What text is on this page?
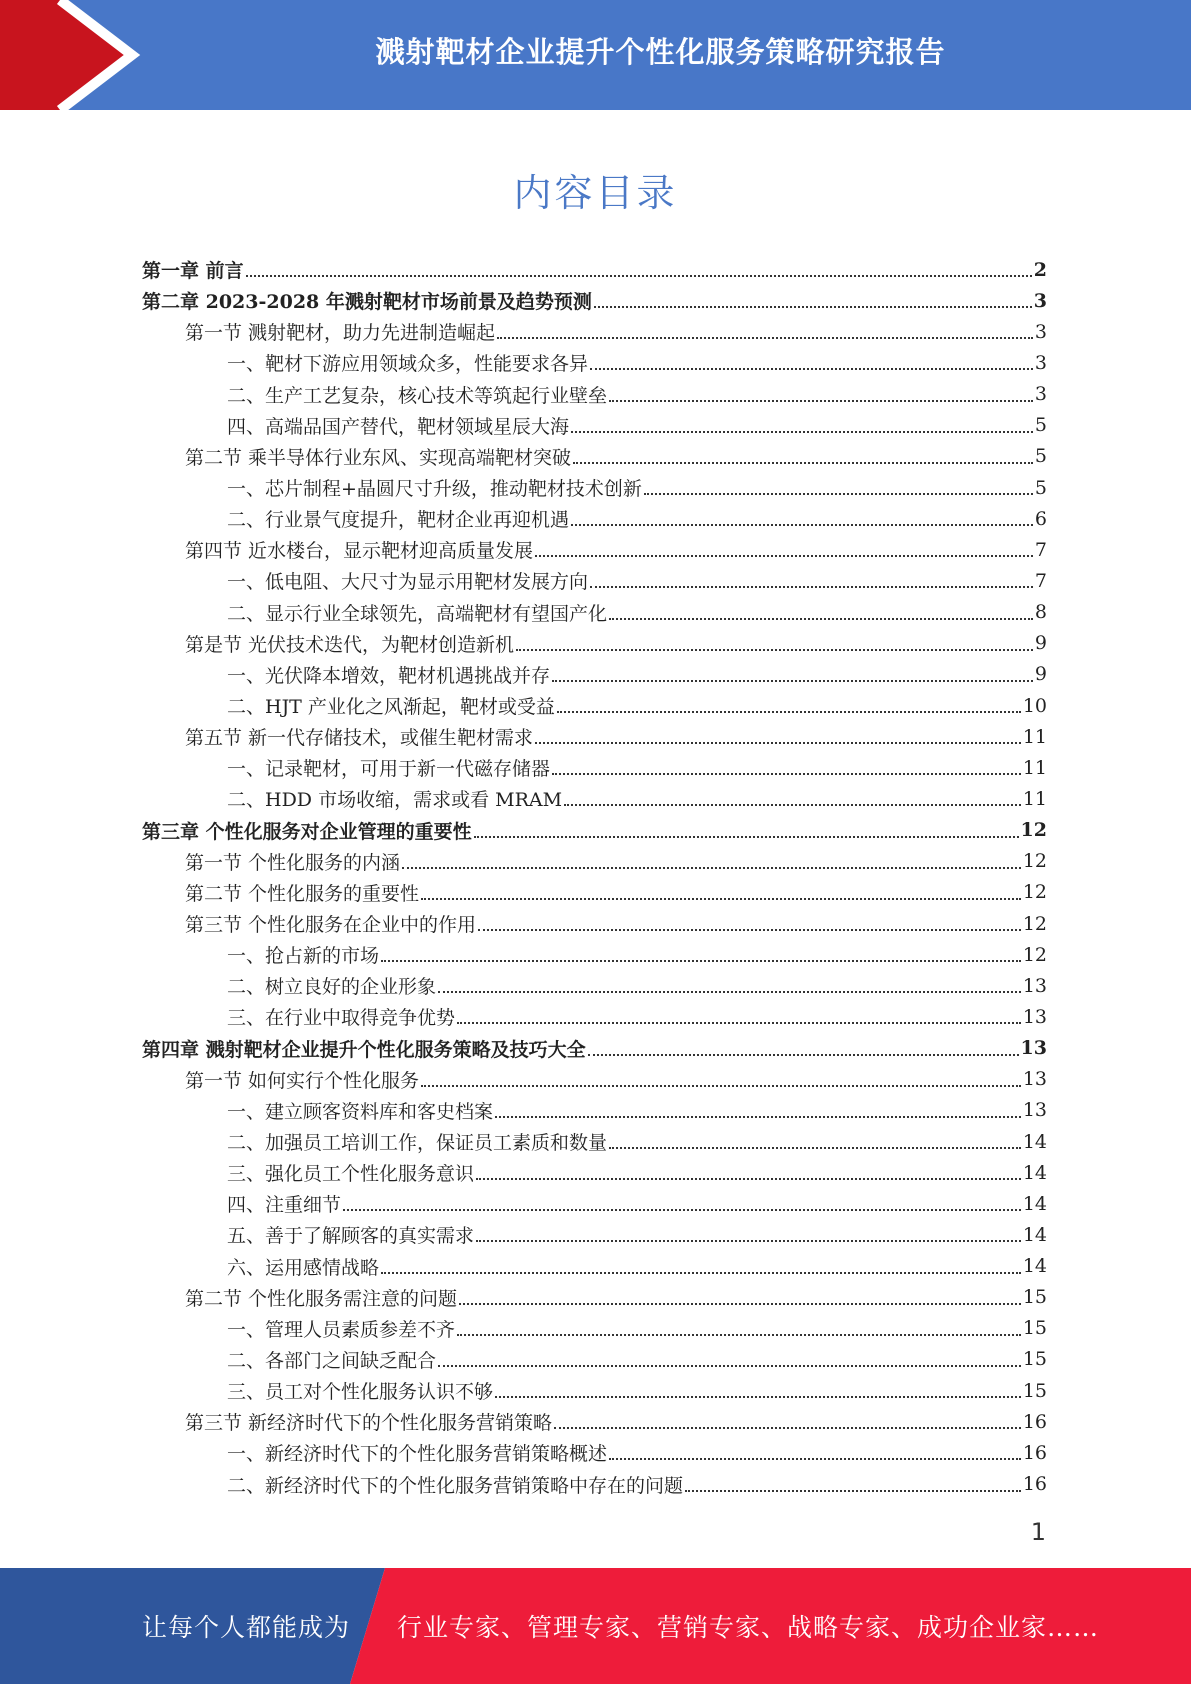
溅射靶材企业提升个性化服务策略研究报告
内容目录
第一章 前言	2
第二章 2023-2028 年溅射靶材市场前景及趋势预测	3
第一节 溅射靶材，助力先进制造崛起	3
一、靶材下游应用领域众多，性能要求各异	3
二、生产工艺复杂，核心技术等筑起行业壁垒	3
四、高端品国产替代，靶材领域星辰大海	5
第二节 乘半导体行业东风、实现高端靶材突破	5
一、芯片制程+晶圆尺寸升级，推动靶材技术创新	5
二、行业景气度提升，靶材企业再迎机遇	6
第四节 近水楼台，显示靶材迎高质量发展	7
一、低电阻、大尺寸为显示用靶材发展方向	7
二、显示行业全球领先，高端靶材有望国产化	8
第是节 光伏技术迭代，为靶材创造新机	9
一、光伏降本增效，靶材机遇挑战并存	9
二、HJT 产业化之风渐起，靶材或受益	10
第五节 新一代存储技术，或催生靶材需求	11
一、记录靶材，可用于新一代磁存储器	11
二、HDD 市场收缩，需求或看 MRAM	11
第三章 个性化服务对企业管理的重要性	12
第一节 个性化服务的内涵	12
第二节 个性化服务的重要性	12
第三节 个性化服务在企业中的作用	12
一、抢占新的市场	12
二、树立良好的企业形象	13
三、在行业中取得竞争优势	13
第四章 溅射靶材企业提升个性化服务策略及技巧大全	13
第一节 如何实行个性化服务	13
一、建立顾客资料库和客史档案	13
二、加强员工培训工作，保证员工素质和数量	14
三、强化员工个性化服务意识	14
四、注重细节	14
五、善于了解顾客的真实需求	14
六、运用感情战略	14
第二节 个性化服务需注意的问题	15
一、管理人员素质参差不齐	15
二、各部门之间缺乏配合	15
三、员工对个性化服务认识不够	15
第三节 新经济时代下的个性化服务营销策略	16
一、新经济时代下的个性化服务营销策略概述	16
二、新经济时代下的个性化服务营销策略中存在的问题	16
1
让每个人都能成为 行业专家、管理专家、营销专家、战略专家、成功企业家……
